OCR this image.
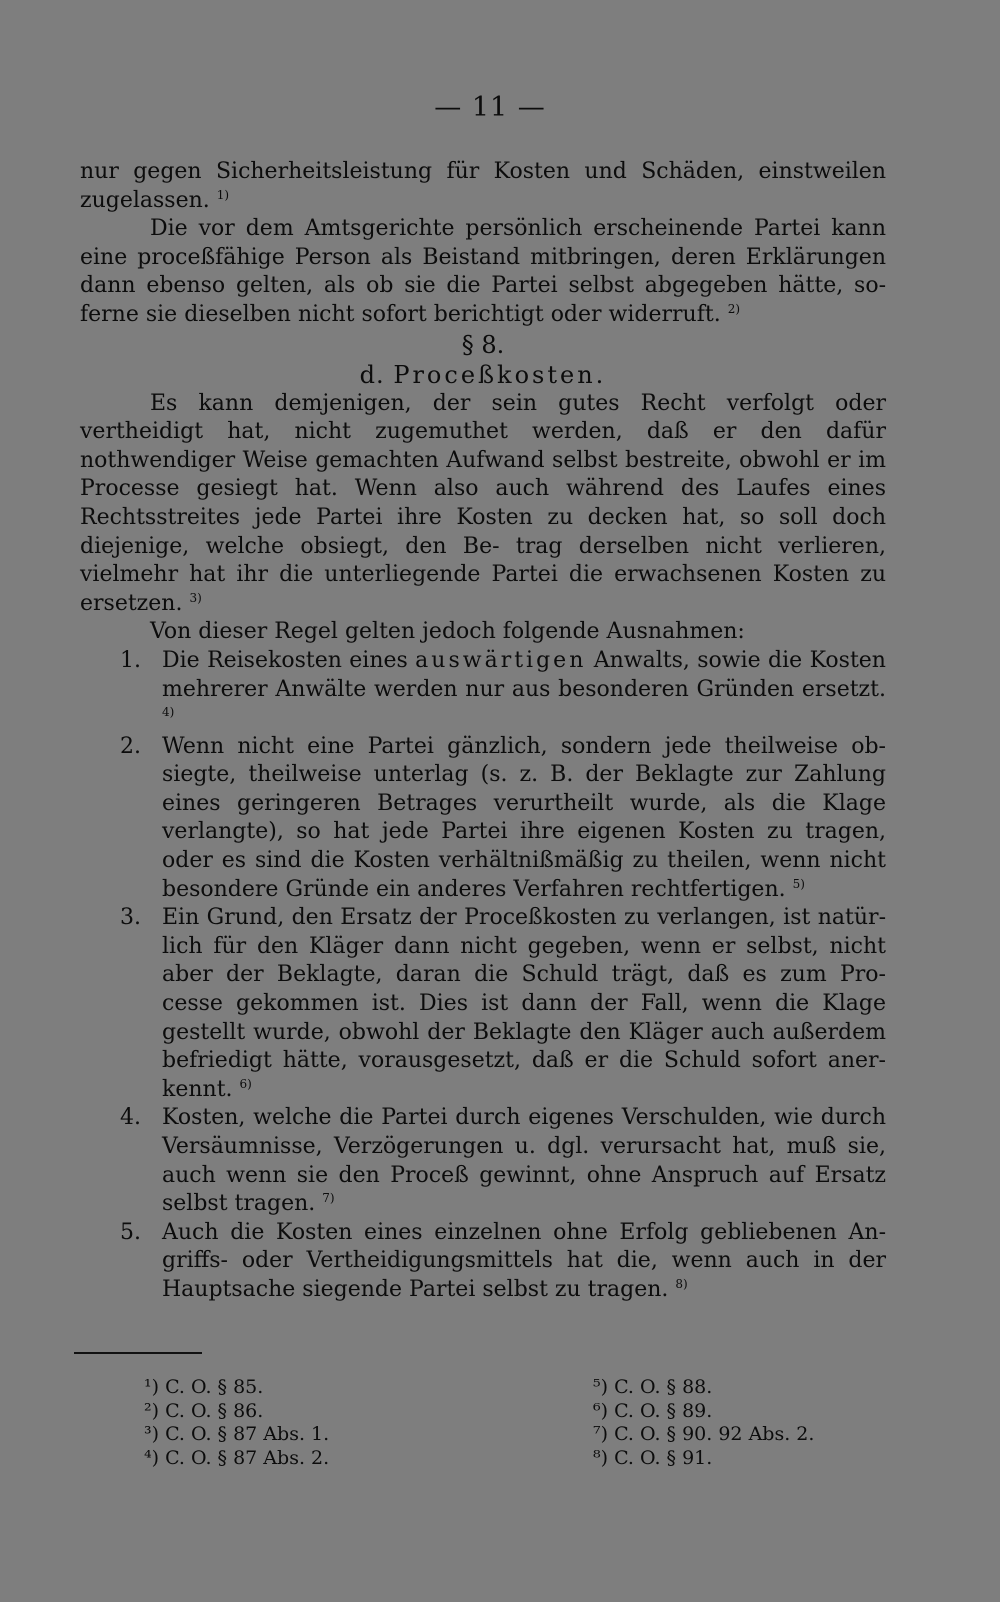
— 11 —

nur gegen Sicherheitsleistung für Kosten und Schäden, einstweilen zugelassen. $^{1)}$

Die vor dem Amtsgerichte persönlich erscheinende Partei kann eine proceßfähige Person als Beistand mitbringen, deren Erklärungen dann ebenso gelten, als ob sie die Partei selbst abgegeben hätte, so- ferne sie dieselben nicht sofort berichtigt oder widerruft. $^{2)}$

§ 8.

d. Proceßkosten.

Es kann demjenigen, der sein gutes Recht verfolgt oder vertheidigt hat, nicht zugemuthet werden, daß er den dafür nothwendiger Weise gemachten Aufwand selbst bestreite, obwohl er im Processe gesiegt hat. Wenn also auch während des Laufes eines Rechtsstreites jede Partei ihre Kosten zu decken hat, so soll doch diejenige, welche obsiegt, den Be- trag derselben nicht verlieren, vielmehr hat ihr die unterliegende Partei die erwachsenen Kosten zu ersetzen. $^{3)}$

Von dieser Regel gelten jedoch folgende Ausnahmen:

1. Die Reisekosten eines auswärtigen Anwalts, sowie die Kosten mehrerer Anwälte werden nur aus besonderen Gründen ersetzt. $^{4)}$
2. Wenn nicht eine Partei gänzlich, sondern jede theilweise ob- siegte, theilweise unterlag (s. z. B. der Beklagte zur Zahlung eines geringeren Betrages verurtheilt wurde, als die Klage verlangte), so hat jede Partei ihre eigenen Kosten zu tragen, oder es sind die Kosten verhältnißmäßig zu theilen, wenn nicht besondere Gründe ein anderes Verfahren rechtfertigen. $^{5)}$
3. Ein Grund, den Ersatz der Proceßkosten zu verlangen, ist natür- lich für den Kläger dann nicht gegeben, wenn er selbst, nicht aber der Beklagte, daran die Schuld trägt, daß es zum Pro- cesse gekommen ist. Dies ist dann der Fall, wenn die Klage gestellt wurde, obwohl der Beklagte den Kläger auch außerdem befriedigt hätte, vorausgesetzt, daß er die Schuld sofort aner- kennt. $^{6)}$
4. Kosten, welche die Partei durch eigenes Verschulden, wie durch Versäumnisse, Verzögerungen u. dgl. verursacht hat, muß sie, auch wenn sie den Proceß gewinnt, ohne Anspruch auf Ersatz selbst tragen. $^{7)}$
5. Auch die Kosten eines einzelnen ohne Erfolg gebliebenen An- griffs- oder Vertheidigungsmittels hat die, wenn auch in der Hauptsache siegende Partei selbst zu tragen. $^{8)}$
¹) C. O. § 85.
²) C. O. § 86.
³) C. O. § 87 Abs. 1.
⁴) C. O. § 87 Abs. 2.
⁵) C. O. § 88.
⁶) C. O. § 89.
⁷) C. O. § 90. 92 Abs. 2.
⁸) C. O. § 91.
